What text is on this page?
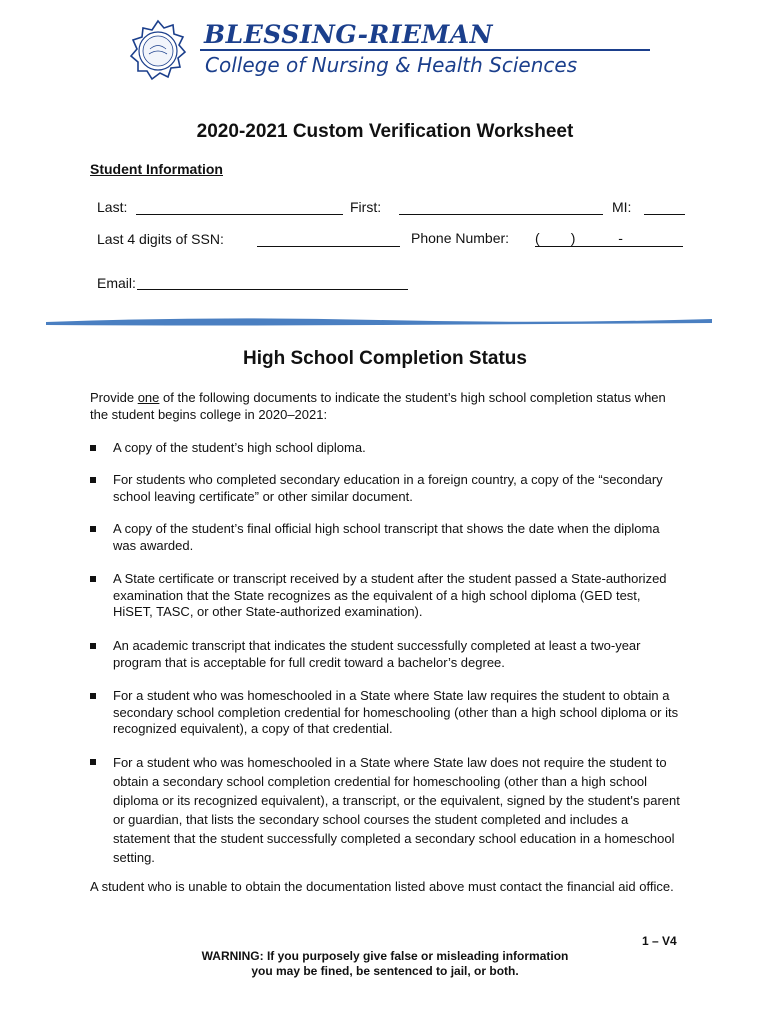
BLESSING-RIEMAN
College of Nursing & Health Sciences
2020-2021 Custom Verification Worksheet
Student Information
Last:	First:	MI:
Last 4 digits of SSN:	Phone Number: (        )           -
Email:
High School Completion Status
Provide one of the following documents to indicate the student’s high school completion status when the student begins college in 2020–2021:
A copy of the student’s high school diploma.
For students who completed secondary education in a foreign country, a copy of the “secondary school leaving certificate” or other similar document.
A copy of the student’s final official high school transcript that shows the date when the diploma was awarded.
A State certificate or transcript received by a student after the student passed a State-authorized examination that the State recognizes as the equivalent of a high school diploma (GED test, HiSET, TASC, or other State-authorized examination).
An academic transcript that indicates the student successfully completed at least a two-year program that is acceptable for full credit toward a bachelor’s degree.
For a student who was homeschooled in a State where State law requires the student to obtain a secondary school completion credential for homeschooling (other than a high school diploma or its recognized equivalent), a copy of that credential.
For a student who was homeschooled in a State where State law does not require the student to obtain a secondary school completion credential for homeschooling (other than a high school diploma or its recognized equivalent), a transcript, or the equivalent, signed by the student's parent or guardian, that lists the secondary school courses the student completed and includes a statement that the student successfully completed a secondary school education in a homeschool setting.
A student who is unable to obtain the documentation listed above must contact the financial aid office.
1 – V4
WARNING: If you purposely give false or misleading information
you may be fined, be sentenced to jail, or both.
